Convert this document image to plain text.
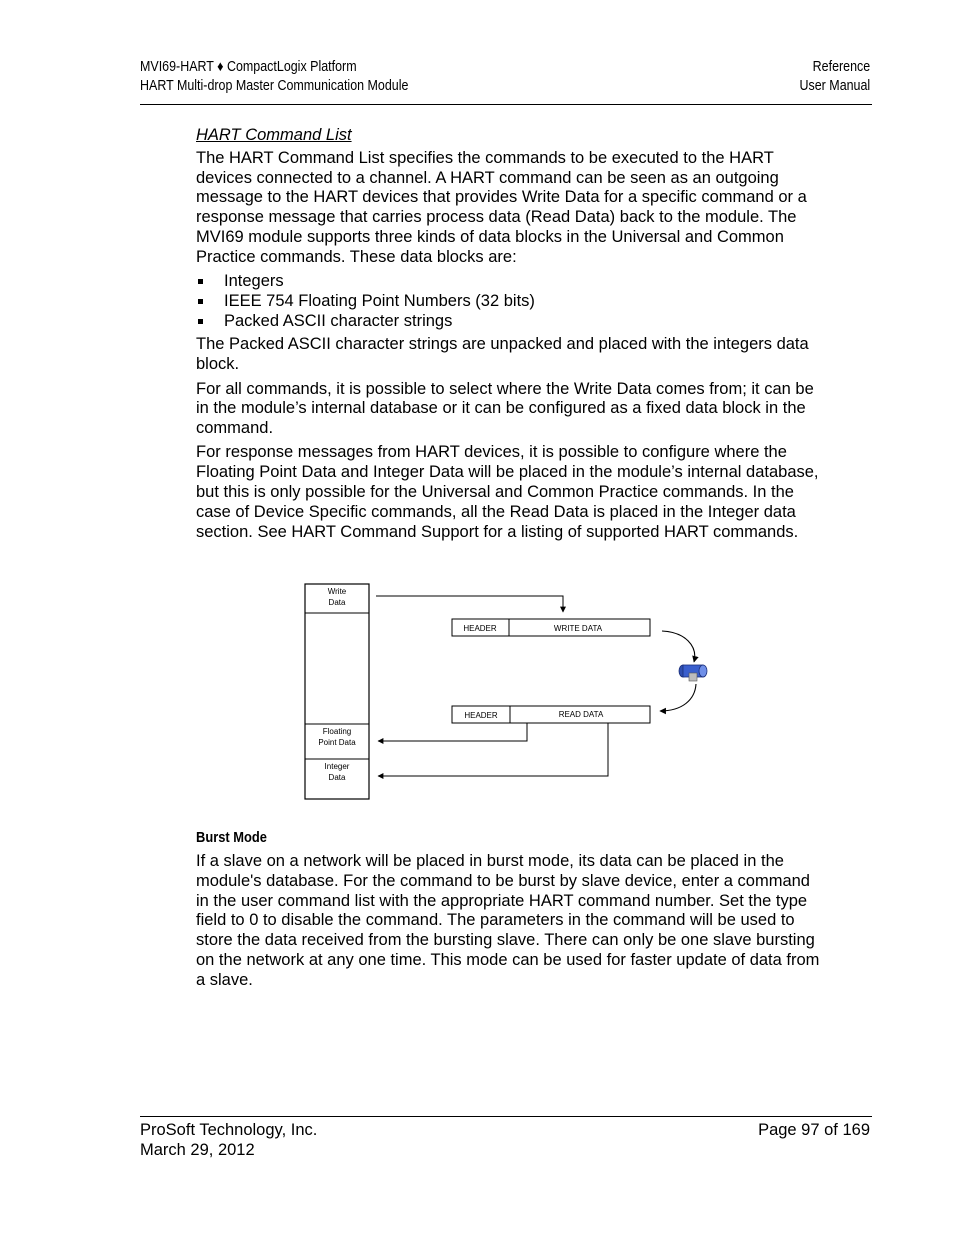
MVI69-HART ♦ CompactLogix Platform
HART Multi-drop Master Communication Module
Reference
User Manual

HART Command List

The HART Command List specifies the commands to be executed to the HART devices connected to a channel. A HART command can be seen as an outgoing message to the HART devices that provides Write Data for a specific command or a response message that carries process data (Read Data) back to the module. The MVI69 module supports three kinds of data blocks in the Universal and Common Practice commands. These data blocks are:

Integers
IEEE 754 Floating Point Numbers (32 bits)
Packed ASCII character strings

The Packed ASCII character strings are unpacked and placed with the integers data block.

For all commands, it is possible to select where the Write Data comes from; it can be in the module’s internal database or it can be configured as a fixed data block in the command.

For response messages from HART devices, it is possible to configure where the Floating Point Data and Integer Data will be placed in the module’s internal database, but this is only possible for the Universal and Common Practice commands. In the case of Device Specific commands, all the Read Data is placed in the Integer data section. See HART Command Support for a listing of supported HART commands.

Write
Data
Floating
Point Data
Integer
Data
HEADER	WRITE DATA
HEADER	READ DATA
Burst Mode

If a slave on a network will be placed in burst mode, its data can be placed in the module's database. For the command to be burst by slave device, enter a command in the user command list with the appropriate HART command number. Set the type field to 0 to disable the command. The parameters in the command will be used to store the data received from the bursting slave. There can only be one slave bursting on the network at any one time. This mode can be used for faster update of data from a slave.

ProSoft Technology, Inc.
March 29, 2012
Page 97 of 169
